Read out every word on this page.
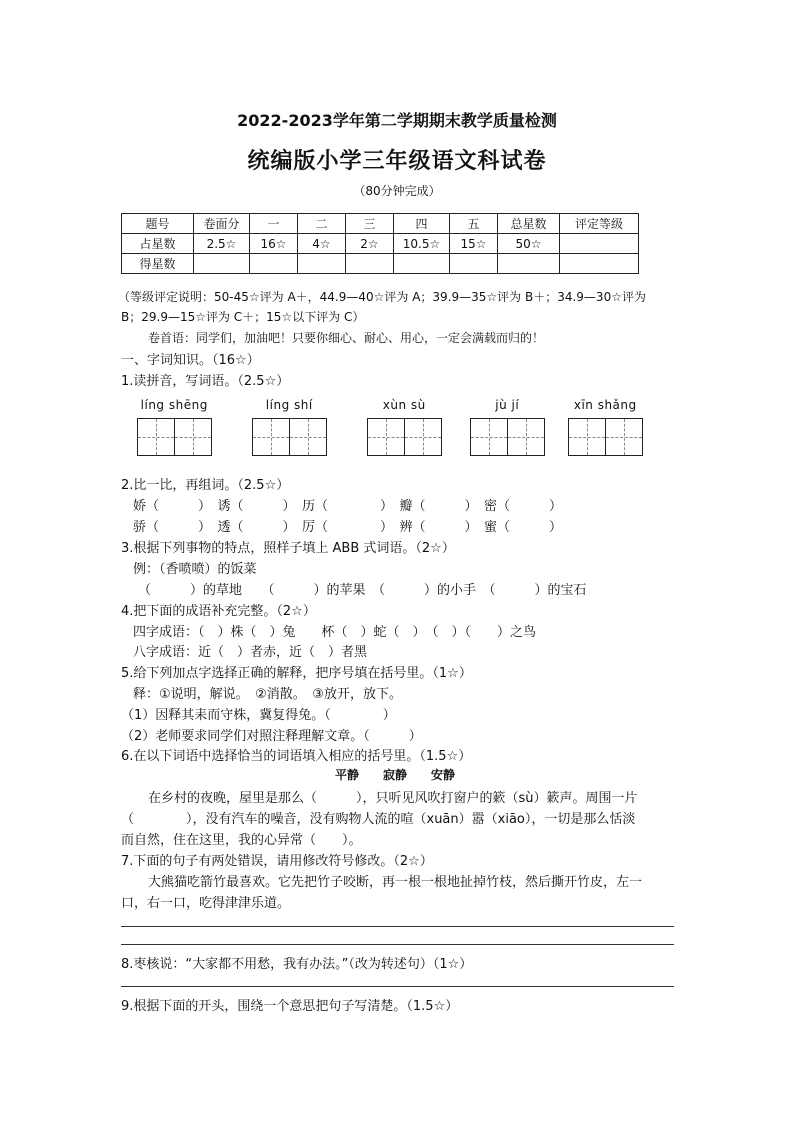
2022-2023学年第二学期期末教学质量检测
统编版小学三年级语文科试卷
（80分钟完成）
题号	卷面分	一	二	三	四	五	总星数	评定等级
占星数	2.5☆	16☆	4☆	2☆	10.5☆	15☆	50☆	
得星数								
（等级评定说明：50-45☆评为 A＋，44.9—40☆评为 A；39.9—35☆评为 B＋；34.9—30☆评为
B；29.9—15☆评为 C＋；15☆以下评为 C）
卷首语：同学们，加油吧！只要你细心、耐心、用心，一定会满载而归的！
一、字词知识。（16☆）
1.读拼音，写词语。（2.5☆）
líng shēng	líng shí	xùn sù	jù jí	xīn shǎng
2.比一比，再组词。（2.5☆）
娇（　　　）　诱（　　　）　历（　　　　）　瓣（　　　）　密（　　　）
骄（　　　）　透（　　　）　厉（　　　　）　辨（　　　）　蜜（　　　）
3.根据下列事物的特点，照样子填上 ABB 式词语。（2☆）
例：（香喷喷）的饭菜
（　　　）的草地　　（　　　）的苹果　（　　　）的小手　（　　　）的宝石
4.把下面的成语补充完整。（2☆）
四字成语：（　）株（　）兔　　杯（　）蛇（　）　（　）（　　）之鸟
八字成语：近（　）者赤，近（　）者黑
5.给下列加点字选择正确的解释，把序号填在括号里。（1☆）
释：①说明，解说。　②消散。　③放开，放下。
（1）因释其耒而守株，冀复得兔。（　　　　）
（2）老师要求同学们对照注释理解文章。（　　　）
6.在以下词语中选择恰当的词语填入相应的括号里。（1.5☆）
平静　　寂静　　安静
在乡村的夜晚，屋里是那么（　　　），只听见风吹打窗户的簌（sù）簌声。周围一片
（　　　　），没有汽车的噪音，没有购物人流的喧（xuān）嚣（xiāo），一切是那么恬淡
而自然，住在这里，我的心异常（　　）。
7.下面的句子有两处错误，请用修改符号修改。（2☆）
大熊猫吃箭竹最喜欢。它先把竹子咬断，再一根一根地扯掉竹枝，然后撕开竹皮，左一
口，右一口，吃得津津乐道。
8.枣核说：“大家都不用愁，我有办法。”（改为转述句）（1☆）
9.根据下面的开头，围绕一个意思把句子写清楚。（1.5☆）
